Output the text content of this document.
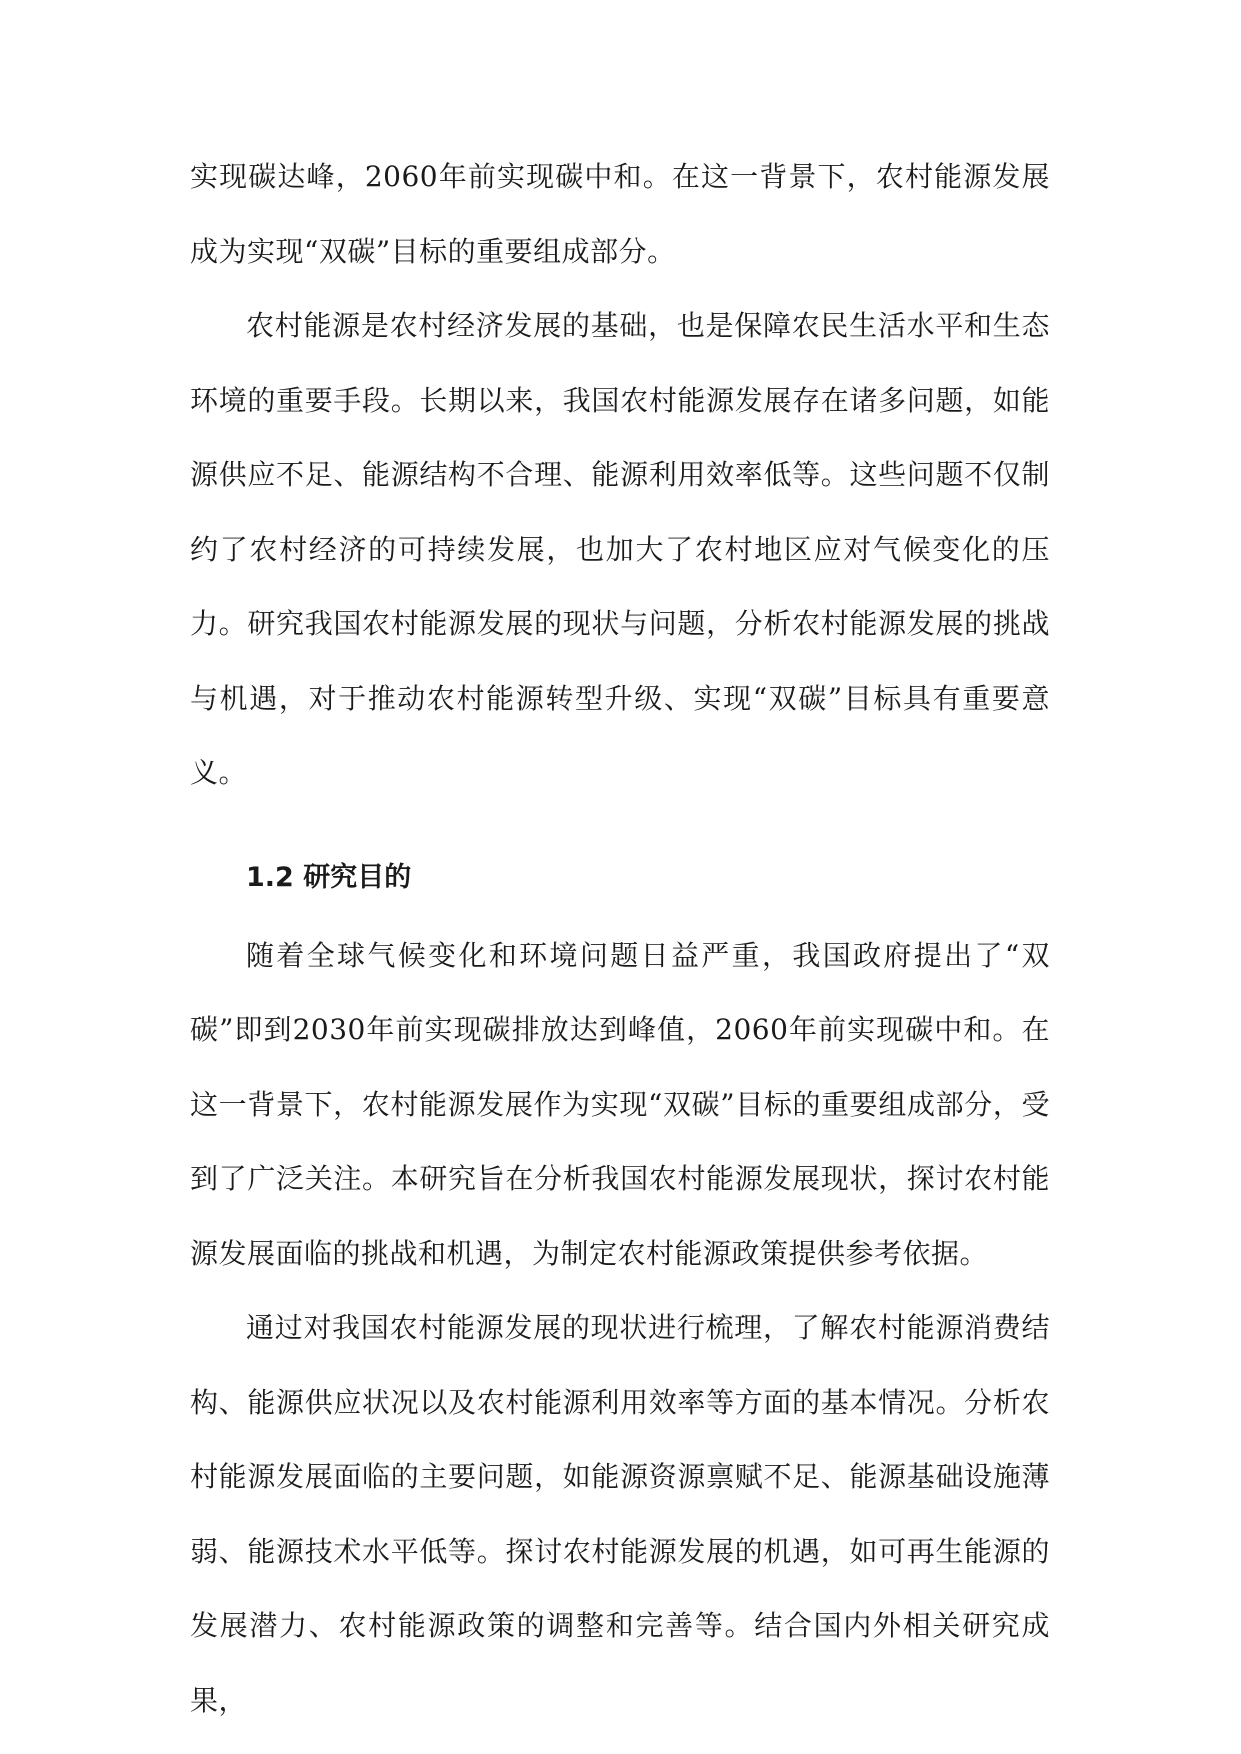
实现碳达峰，2060年前实现碳中和。在这一背景下，农村能源发展成为实现“双碳”目标的重要组成部分。

农村能源是农村经济发展的基础，也是保障农民生活水平和生态环境的重要手段。长期以来，我国农村能源发展存在诸多问题，如能源供应不足、能源结构不合理、能源利用效率低等。这些问题不仅制约了农村经济的可持续发展，也加大了农村地区应对气候变化的压力。研究我国农村能源发展的现状与问题，分析农村能源发展的挑战与机遇，对于推动农村能源转型升级、实现“双碳”目标具有重要意义。

1.2 研究目的

随着全球气候变化和环境问题日益严重，我国政府提出了“双碳”即到2030年前实现碳排放达到峰值，2060年前实现碳中和。在这一背景下，农村能源发展作为实现“双碳”目标的重要组成部分，受到了广泛关注。本研究旨在分析我国农村能源发展现状，探讨农村能源发展面临的挑战和机遇，为制定农村能源政策提供参考依据。

通过对我国农村能源发展的现状进行梳理，了解农村能源消费结构、能源供应状况以及农村能源利用效率等方面的基本情况。分析农村能源发展面临的主要问题，如能源资源禀赋不足、能源基础设施薄弱、能源技术水平低等。探讨农村能源发展的机遇，如可再生能源的发展潜力、农村能源政策的调整和完善等。结合国内外相关研究成果，
